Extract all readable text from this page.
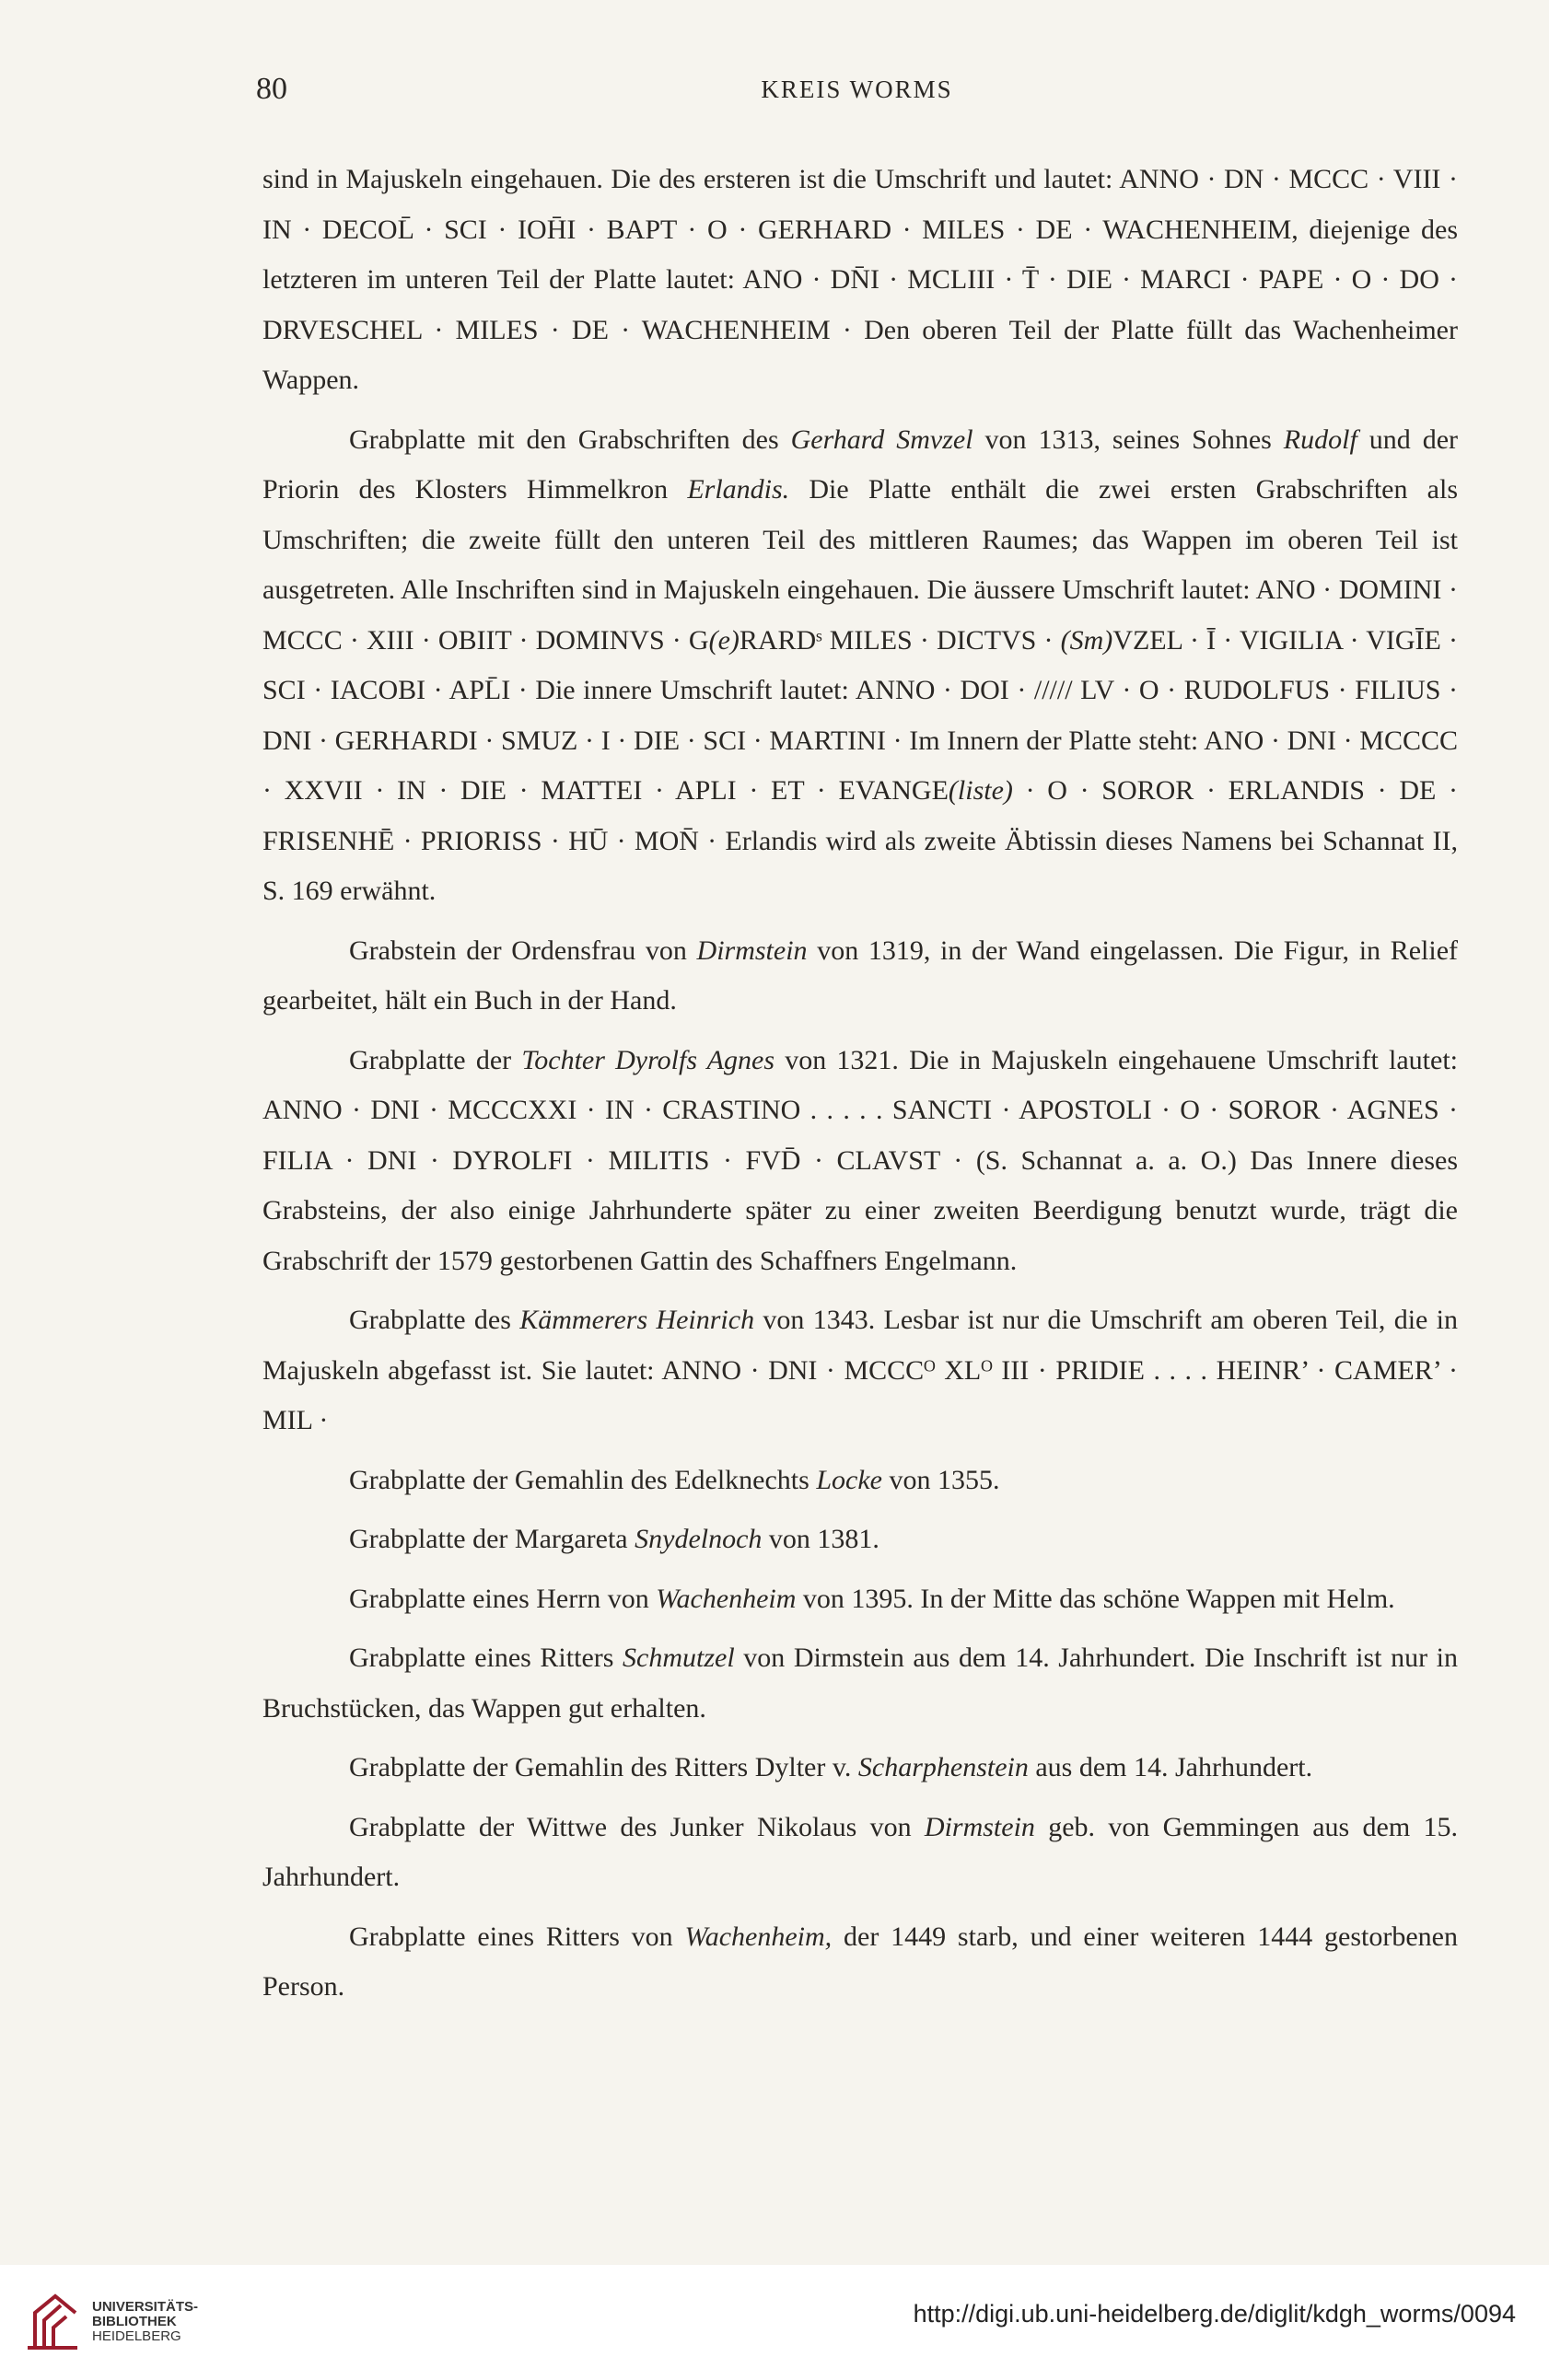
80	KREIS WORMS

sind in Majuskeln eingehauen. Die des ersteren ist die Umschrift und lautet: ANNO · DN · MCCC · VIII · IN · DECOL̄ · SCI · IOH̄I · BAPT · O · GERHARD · MILES · DE · WACHENHEIM, diejenige des letzteren im unteren Teil der Platte lautet: ANO · DN̄I · MCLIII · T̄ · DIE · MARCI · PAPE · O · DO · DRVESCHEL · MILES · DE · WACHENHEIM · Den oberen Teil der Platte füllt das Wachenheimer Wappen.

Grabplatte mit den Grabschriften des Gerhard Smvzel von 1313, seines Sohnes Rudolf und der Priorin des Klosters Himmelkron Erlandis. Die Platte enthält die zwei ersten Grabschriften als Umschriften; die zweite füllt den unteren Teil des mittleren Raumes; das Wappen im oberen Teil ist ausgetreten. Alle Inschriften sind in Majuskeln eingehauen. Die äussere Umschrift lautet: ANO · DOMINI · MCCC · XIII · OBIIT · DOMINVS · G(e)RARDˢ MILES · DICTVS · (Sm)VZEL · Ī · VIGILIA · VIGĪE · SCI · IACOBI · APL̄I · Die innere Umschrift lautet: ANNO · DOI · ///// LV · O · RUDOLFUS · FILIUS · DNI · GERHARDI · SMUZ · I · DIE · SCI · MARTINI · Im Innern der Platte steht: ANO · DNI · MCCCC · XXVII · IN · DIE · MATTEI · APLI · ET · EVANGE(liste) · O · SOROR · ERLANDIS · DE · FRISENHĒ · PRIORISS · HŪ · MON̄ · Erlandis wird als zweite Äbtissin dieses Namens bei Schannat II, S. 169 erwähnt.

Grabstein der Ordensfrau von Dirmstein von 1319, in der Wand eingelassen. Die Figur, in Relief gearbeitet, hält ein Buch in der Hand.

Grabplatte der Tochter Dyrolfs Agnes von 1321. Die in Majuskeln eingehauene Umschrift lautet: ANNO · DNI · MCCCXXI · IN · CRASTINO . . . . . SANCTI · APOSTOLI · O · SOROR · AGNES · FILIA · DNI · DYROLFI · MILITIS · FVD̄ · CLAVST · (S. Schannat a. a. O.) Das Innere dieses Grabsteins, der also einige Jahrhunderte später zu einer zweiten Beerdigung benutzt wurde, trägt die Grabschrift der 1579 gestorbenen Gattin des Schaffners Engelmann.

Grabplatte des Kämmerers Heinrich von 1343. Lesbar ist nur die Umschrift am oberen Teil, die in Majuskeln abgefasst ist. Sie lautet: ANNO · DNI · MCCCᴼ XLᴼ III · PRIDIE . . . . HEINR’ · CAMER’ · MIL ·

Grabplatte der Gemahlin des Edelknechts Locke von 1355.

Grabplatte der Margareta Snydelnoch von 1381.

Grabplatte eines Herrn von Wachenheim von 1395. In der Mitte das schöne Wappen mit Helm.

Grabplatte eines Ritters Schmutzel von Dirmstein aus dem 14. Jahrhundert. Die Inschrift ist nur in Bruchstücken, das Wappen gut erhalten.

Grabplatte der Gemahlin des Ritters Dylter v. Scharphenstein aus dem 14. Jahrhundert.

Grabplatte der Wittwe des Junker Nikolaus von Dirmstein geb. von Gemmingen aus dem 15. Jahrhundert.

Grabplatte eines Ritters von Wachenheim, der 1449 starb, und einer weiteren 1444 gestorbenen Person.

UNIVERSITÄTS-
BIBLIOTHEK
HEIDELBERG
http://digi.ub.uni-heidelberg.de/diglit/kdgh_worms/0094
